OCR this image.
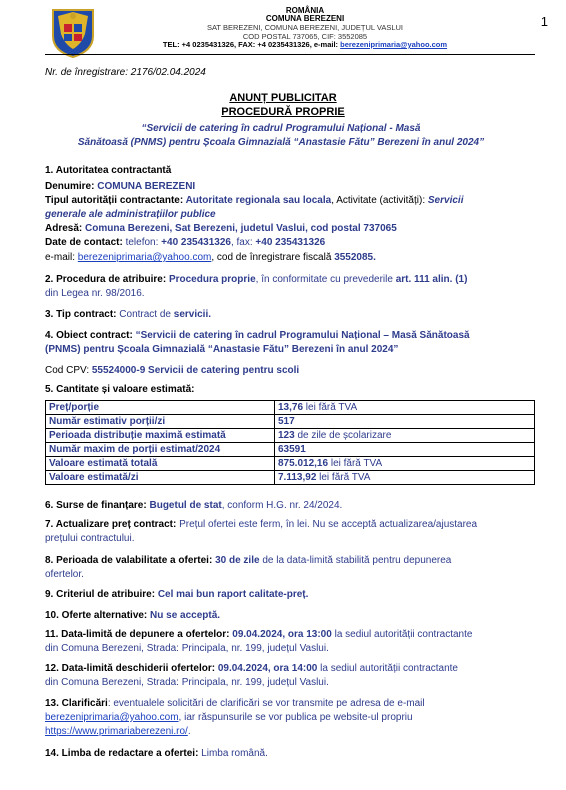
1
ROMÂNIA
COMUNA BEREZENI
SAT BEREZENI, COMUNA BEREZENI, JUDEȚUL VASLUI
COD POSTAL 737065, CIF: 3552085
TEL: +4 0235431326, FAX: +4 0235431326, e-mail: berezeniprimaria@yahoo.com
Nr. de înregistrare: 2176/02.04.2024
ANUNȚ PUBLICITAR
PROCEDURĂ PROPRIE
“Servicii de catering în cadrul Programului Național - Masă
Sănătoasă (PNMS) pentru Școala Gimnazială “Anastasie Fătu” Berezeni în anul 2024”
1. Autoritatea contractantă
Denumire: COMUNA BEREZENI
Tipul autorității contractante: Autoritate regionala sau locala, Activitate (activități): Servicii
generale ale administrațiilor publice
Adresă: Comuna Berezeni, Sat Berezeni, judetul Vaslui, cod postal 737065
Date de contact: telefon: +40 235431326, fax: +40 235431326
e-mail: berezeniprimaria@yahoo.com, cod de înregistrare fiscală 3552085.
2. Procedura de atribuire: Procedura proprie, în conformitate cu prevederile art. 111 alin. (1)
din Legea nr. 98/2016.
3. Tip contract: Contract de servicii.
4. Obiect contract: “Servicii de catering în cadrul Programului Național – Masă Sănătoasă
(PNMS) pentru Școala Gimnazială “Anastasie Fătu” Berezeni în anul 2024”
Cod CPV: 55524000-9 Servicii de catering pentru scoli
5. Cantitate și valoare estimată:
Preț/porție	13,76 lei fără TVA
Număr estimativ porții/zi	517
Perioada distribuție maximă estimată	123 de zile de școlarizare
Număr maxim de porții estimat/2024	63591
Valoare estimată totală	875.012,16 lei fără TVA
Valoare estimată/zi	7.113,92 lei fără TVA
6. Surse de finanțare: Bugetul de stat, conform H.G. nr. 24/2024.
7. Actualizare preț contract: Prețul ofertei este ferm, în lei. Nu se acceptă actualizarea/ajustarea
prețului contractului.
8. Perioada de valabilitate a ofertei: 30 de zile de la data-limită stabilită pentru depunerea
ofertelor.
9. Criteriul de atribuire: Cel mai bun raport calitate-preț.
10. Oferte alternative: Nu se acceptă.
11. Data-limită de depunere a ofertelor: 09.04.2024, ora 13:00 la sediul autorității contractante
din Comuna Berezeni, Strada: Principala, nr. 199, județul Vaslui.
12. Data-limită deschiderii ofertelor: 09.04.2024, ora 14:00 la sediul autorității contractante
din Comuna Berezeni, Strada: Principala, nr. 199, județul Vaslui.
13. Clarificări: eventualele solicitări de clarificări se vor transmite pe adresa de e-mail
berezeniprimaria@yahoo.com, iar răspunsurile se vor publica pe website-ul propriu
https://www.primariaberezeni.ro/.
14. Limba de redactare a ofertei: Limba română.
